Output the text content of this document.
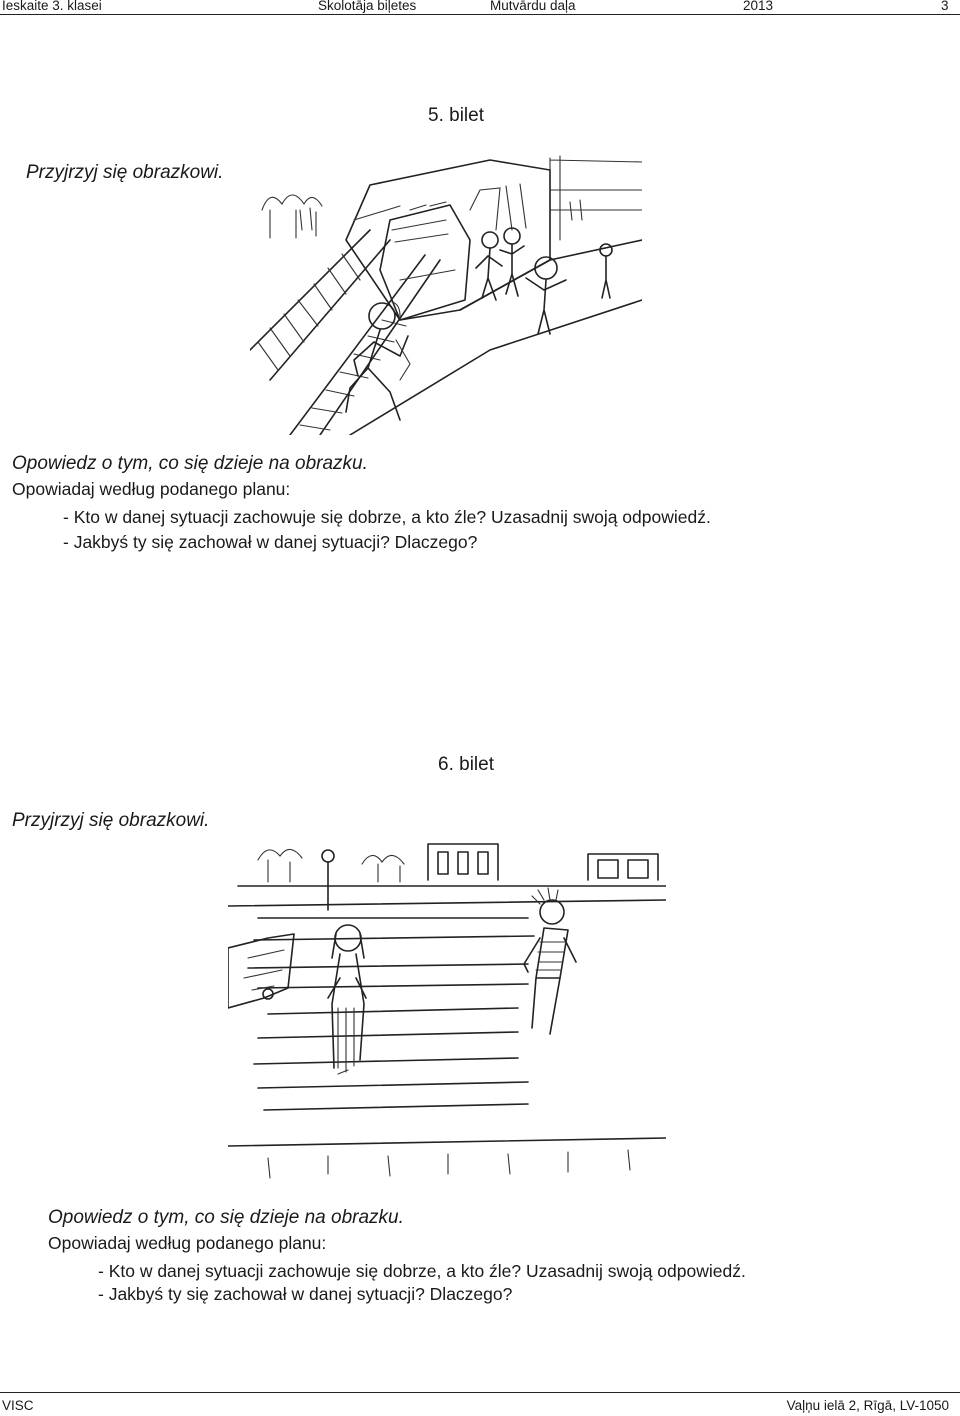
Ieskaite 3. klasei	Skolotāja biļetes	Mutvārdu daļa	2013	3
5. bilet
Przyjrzyj się obrazkowi.
Opowiedz o tym, co się dzieje na obrazku.
Opowiadaj według podanego planu:
- Kto w danej sytuacji zachowuje się dobrze, a kto źle? Uzasadnij swoją odpowiedź.
- Jakbyś ty się zachował w danej sytuacji? Dlaczego?
6. bilet
Przyjrzyj się obrazkowi.
Opowiedz o tym, co się dzieje na obrazku.
Opowiadaj według podanego planu:
- Kto w danej sytuacji zachowuje się dobrze, a kto źle? Uzasadnij swoją odpowiedź.
- Jakbyś ty się zachował w danej sytuacji? Dlaczego?
VISC	Vaļņu ielā 2, Rīgā, LV-1050
